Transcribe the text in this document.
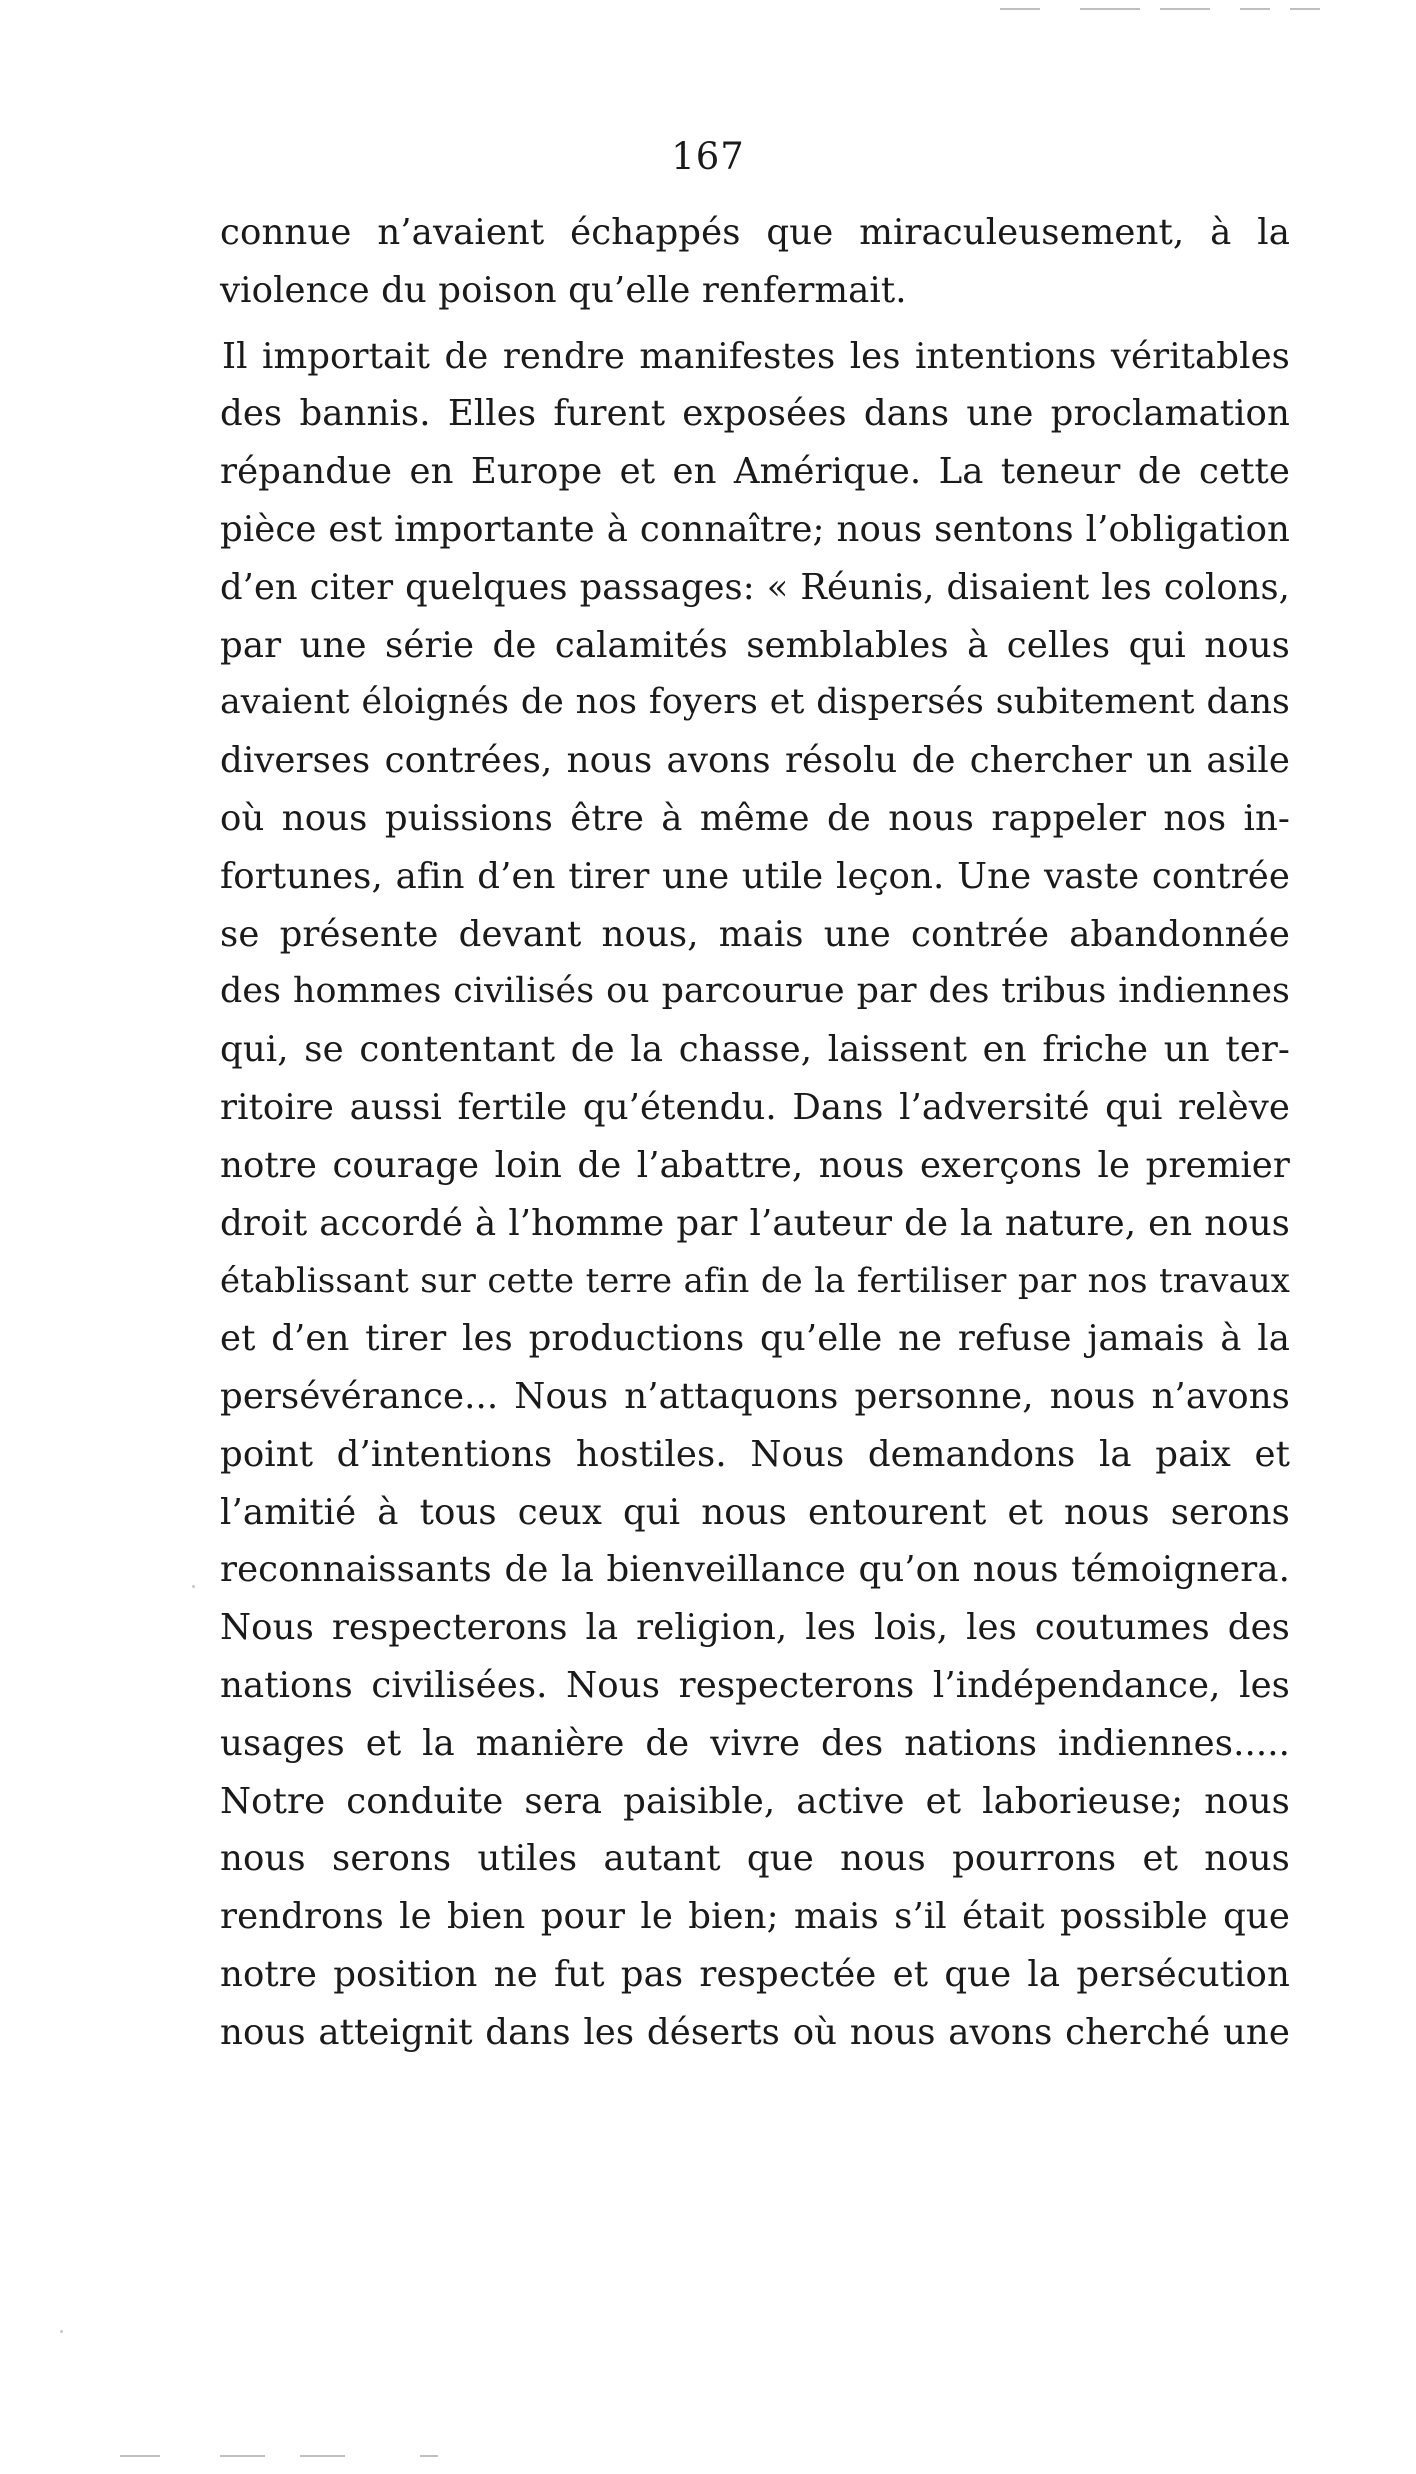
167
connue n’avaient échappés que miraculeusement, à la
violence du poison qu’elle renfermait.
Il importait de rendre manifestes les intentions véritables
des bannis. Elles furent exposées dans une proclamation
répandue en Europe et en Amérique. La teneur de cette
pièce est importante à connaître; nous sentons l’obligation
d’en citer quelques passages: « Réunis, disaient les colons,
par une série de calamités semblables à celles qui nous
avaient éloignés de nos foyers et dispersés subitement dans
diverses contrées, nous avons résolu de chercher un asile
où nous puissions être à même de nous rappeler nos in-
fortunes, afin d’en tirer une utile leçon. Une vaste contrée
se présente devant nous, mais une contrée abandonnée
des hommes civilisés ou parcourue par des tribus indiennes
qui, se contentant de la chasse, laissent en friche un ter-
ritoire aussi fertile qu’étendu. Dans l’adversité qui relève
notre courage loin de l’abattre, nous exerçons le premier
droit accordé à l’homme par l’auteur de la nature, en nous
établissant sur cette terre afin de la fertiliser par nos travaux
et d’en tirer les productions qu’elle ne refuse jamais à la
persévérance... Nous n’attaquons personne, nous n’avons
point d’intentions hostiles. Nous demandons la paix et
l’amitié à tous ceux qui nous entourent et nous serons
reconnaissants de la bienveillance qu’on nous témoignera.
Nous respecterons la religion, les lois, les coutumes des
nations civilisées. Nous respecterons l’indépendance, les
usages et la manière de vivre des nations indiennes.....
Notre conduite sera paisible, active et laborieuse; nous
nous serons utiles autant que nous pourrons et nous
rendrons le bien pour le bien; mais s’il était possible que
notre position ne fut pas respectée et que la persécution
nous atteignit dans les déserts où nous avons cherché une
